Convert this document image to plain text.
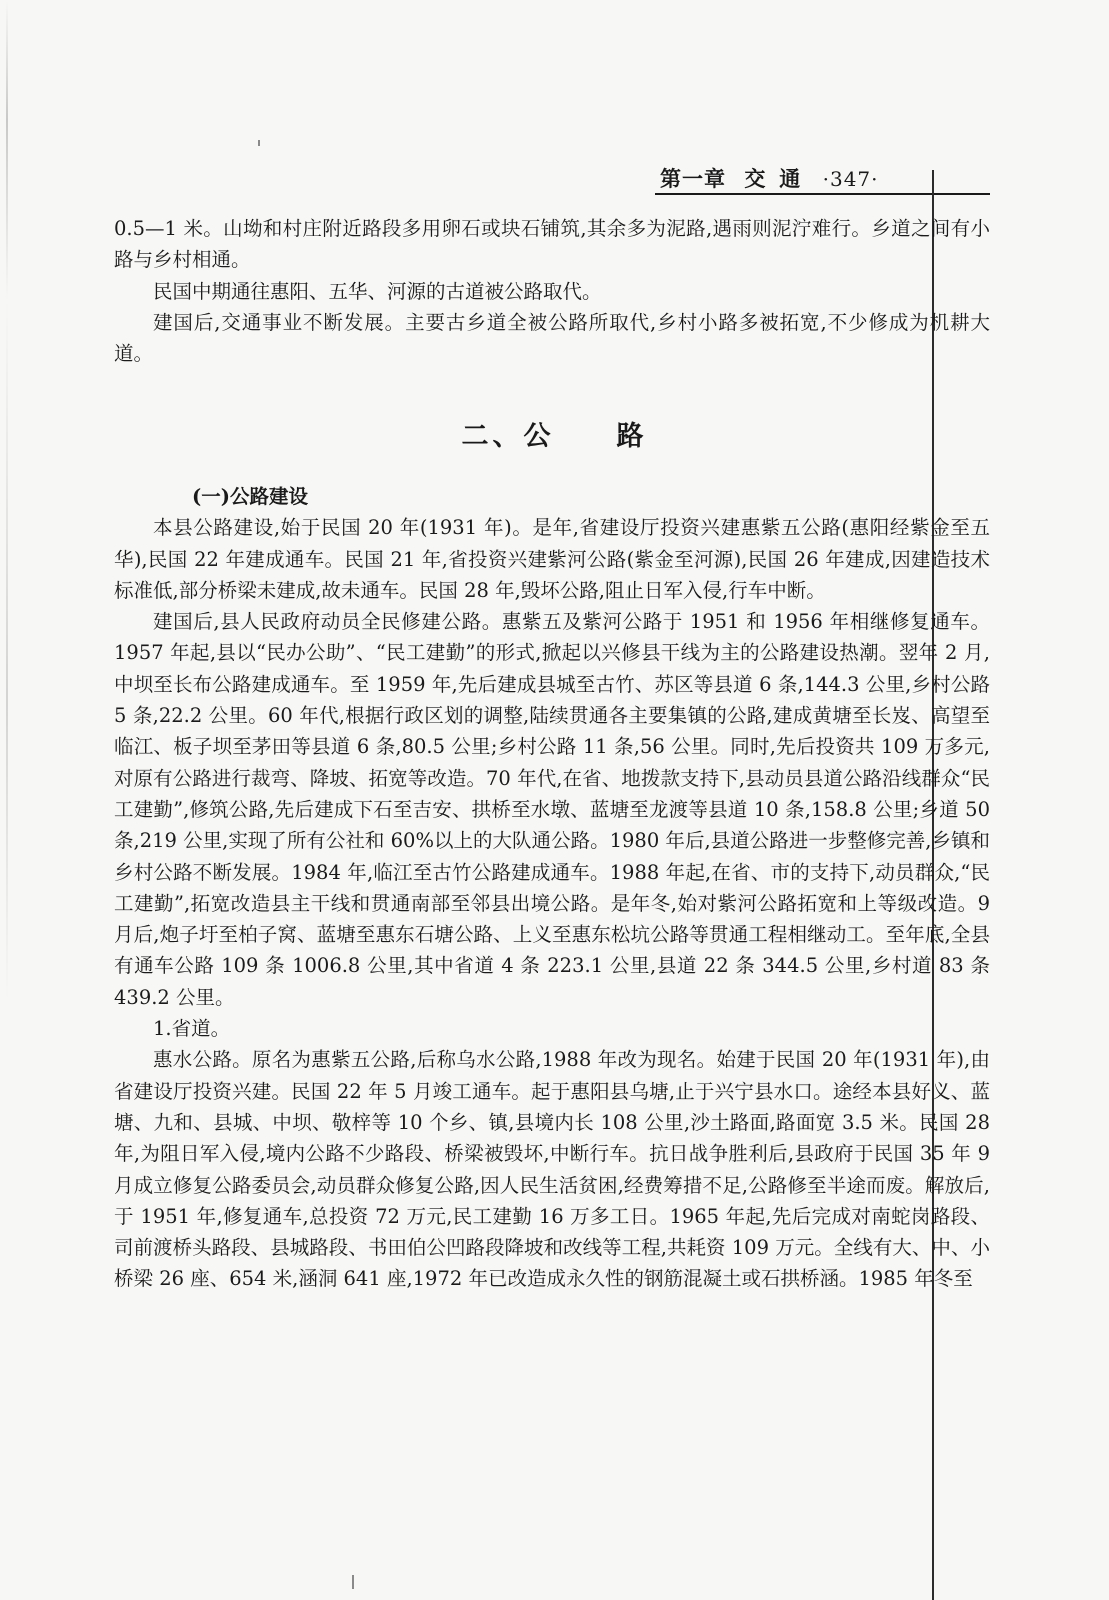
第一章 交通 ·347·

0.5—1 米。山坳和村庄附近路段多用卵石或块石铺筑,其余多为泥路,遇雨则泥泞难行。乡道之间有小路与乡村相通。

民国中期通往惠阳、五华、河源的古道被公路取代。

建国后,交通事业不断发展。主要古乡道全被公路所取代,乡村小路多被拓宽,不少修成为机耕大道。

二、公　　路

(一)公路建设

本县公路建设,始于民国 20 年(1931 年)。是年,省建设厅投资兴建惠紫五公路(惠阳经紫金至五华),民国 22 年建成通车。民国 21 年,省投资兴建紫河公路(紫金至河源),民国 26 年建成,因建造技术标准低,部分桥梁未建成,故未通车。民国 28 年,毁坏公路,阻止日军入侵,行车中断。

建国后,县人民政府动员全民修建公路。惠紫五及紫河公路于 1951 和 1956 年相继修复通车。1957 年起,县以“民办公助”、“民工建勤”的形式,掀起以兴修县干线为主的公路建设热潮。翌年 2 月,中坝至长布公路建成通车。至 1959 年,先后建成县城至古竹、苏区等县道 6 条,144.3 公里,乡村公路 5 条,22.2 公里。60 年代,根据行政区划的调整,陆续贯通各主要集镇的公路,建成黄塘至长岌、高望至临江、板子坝至茅田等县道 6 条,80.5 公里;乡村公路 11 条,56 公里。同时,先后投资共 109 万多元,对原有公路进行裁弯、降坡、拓宽等改造。70 年代,在省、地拨款支持下,县动员县道公路沿线群众“民工建勤”,修筑公路,先后建成下石至吉安、拱桥至水墩、蓝塘至龙渡等县道 10 条,158.8 公里;乡道 50 条,219 公里,实现了所有公社和 60%以上的大队通公路。1980 年后,县道公路进一步整修完善,乡镇和乡村公路不断发展。1984 年,临江至古竹公路建成通车。1988 年起,在省、市的支持下,动员群众,“民工建勤”,拓宽改造县主干线和贯通南部至邻县出境公路。是年冬,始对紫河公路拓宽和上等级改造。9 月后,炮子圩至柏子窝、蓝塘至惠东石塘公路、上义至惠东松坑公路等贯通工程相继动工。至年底,全县有通车公路 109 条 1006.8 公里,其中省道 4 条 223.1 公里,县道 22 条 344.5 公里,乡村道 83 条 439.2 公里。

1.省道。

惠水公路。原名为惠紫五公路,后称乌水公路,1988 年改为现名。始建于民国 20 年(1931 年),由省建设厅投资兴建。民国 22 年 5 月竣工通车。起于惠阳县乌塘,止于兴宁县水口。途经本县好义、蓝塘、九和、县城、中坝、敬梓等 10 个乡、镇,县境内长 108 公里,沙土路面,路面宽 3.5 米。民国 28 年,为阻日军入侵,境内公路不少路段、桥梁被毁坏,中断行车。抗日战争胜利后,县政府于民国 35 年 9 月成立修复公路委员会,动员群众修复公路,因人民生活贫困,经费筹措不足,公路修至半途而废。解放后,于 1951 年,修复通车,总投资 72 万元,民工建勤 16 万多工日。1965 年起,先后完成对南蛇岗路段、司前渡桥头路段、县城路段、书田伯公凹路段降坡和改线等工程,共耗资 109 万元。全线有大、中、小桥梁 26 座、654 米,涵洞 641 座,1972 年已改造成永久性的钢筋混凝土或石拱桥涵。1985 年冬至
